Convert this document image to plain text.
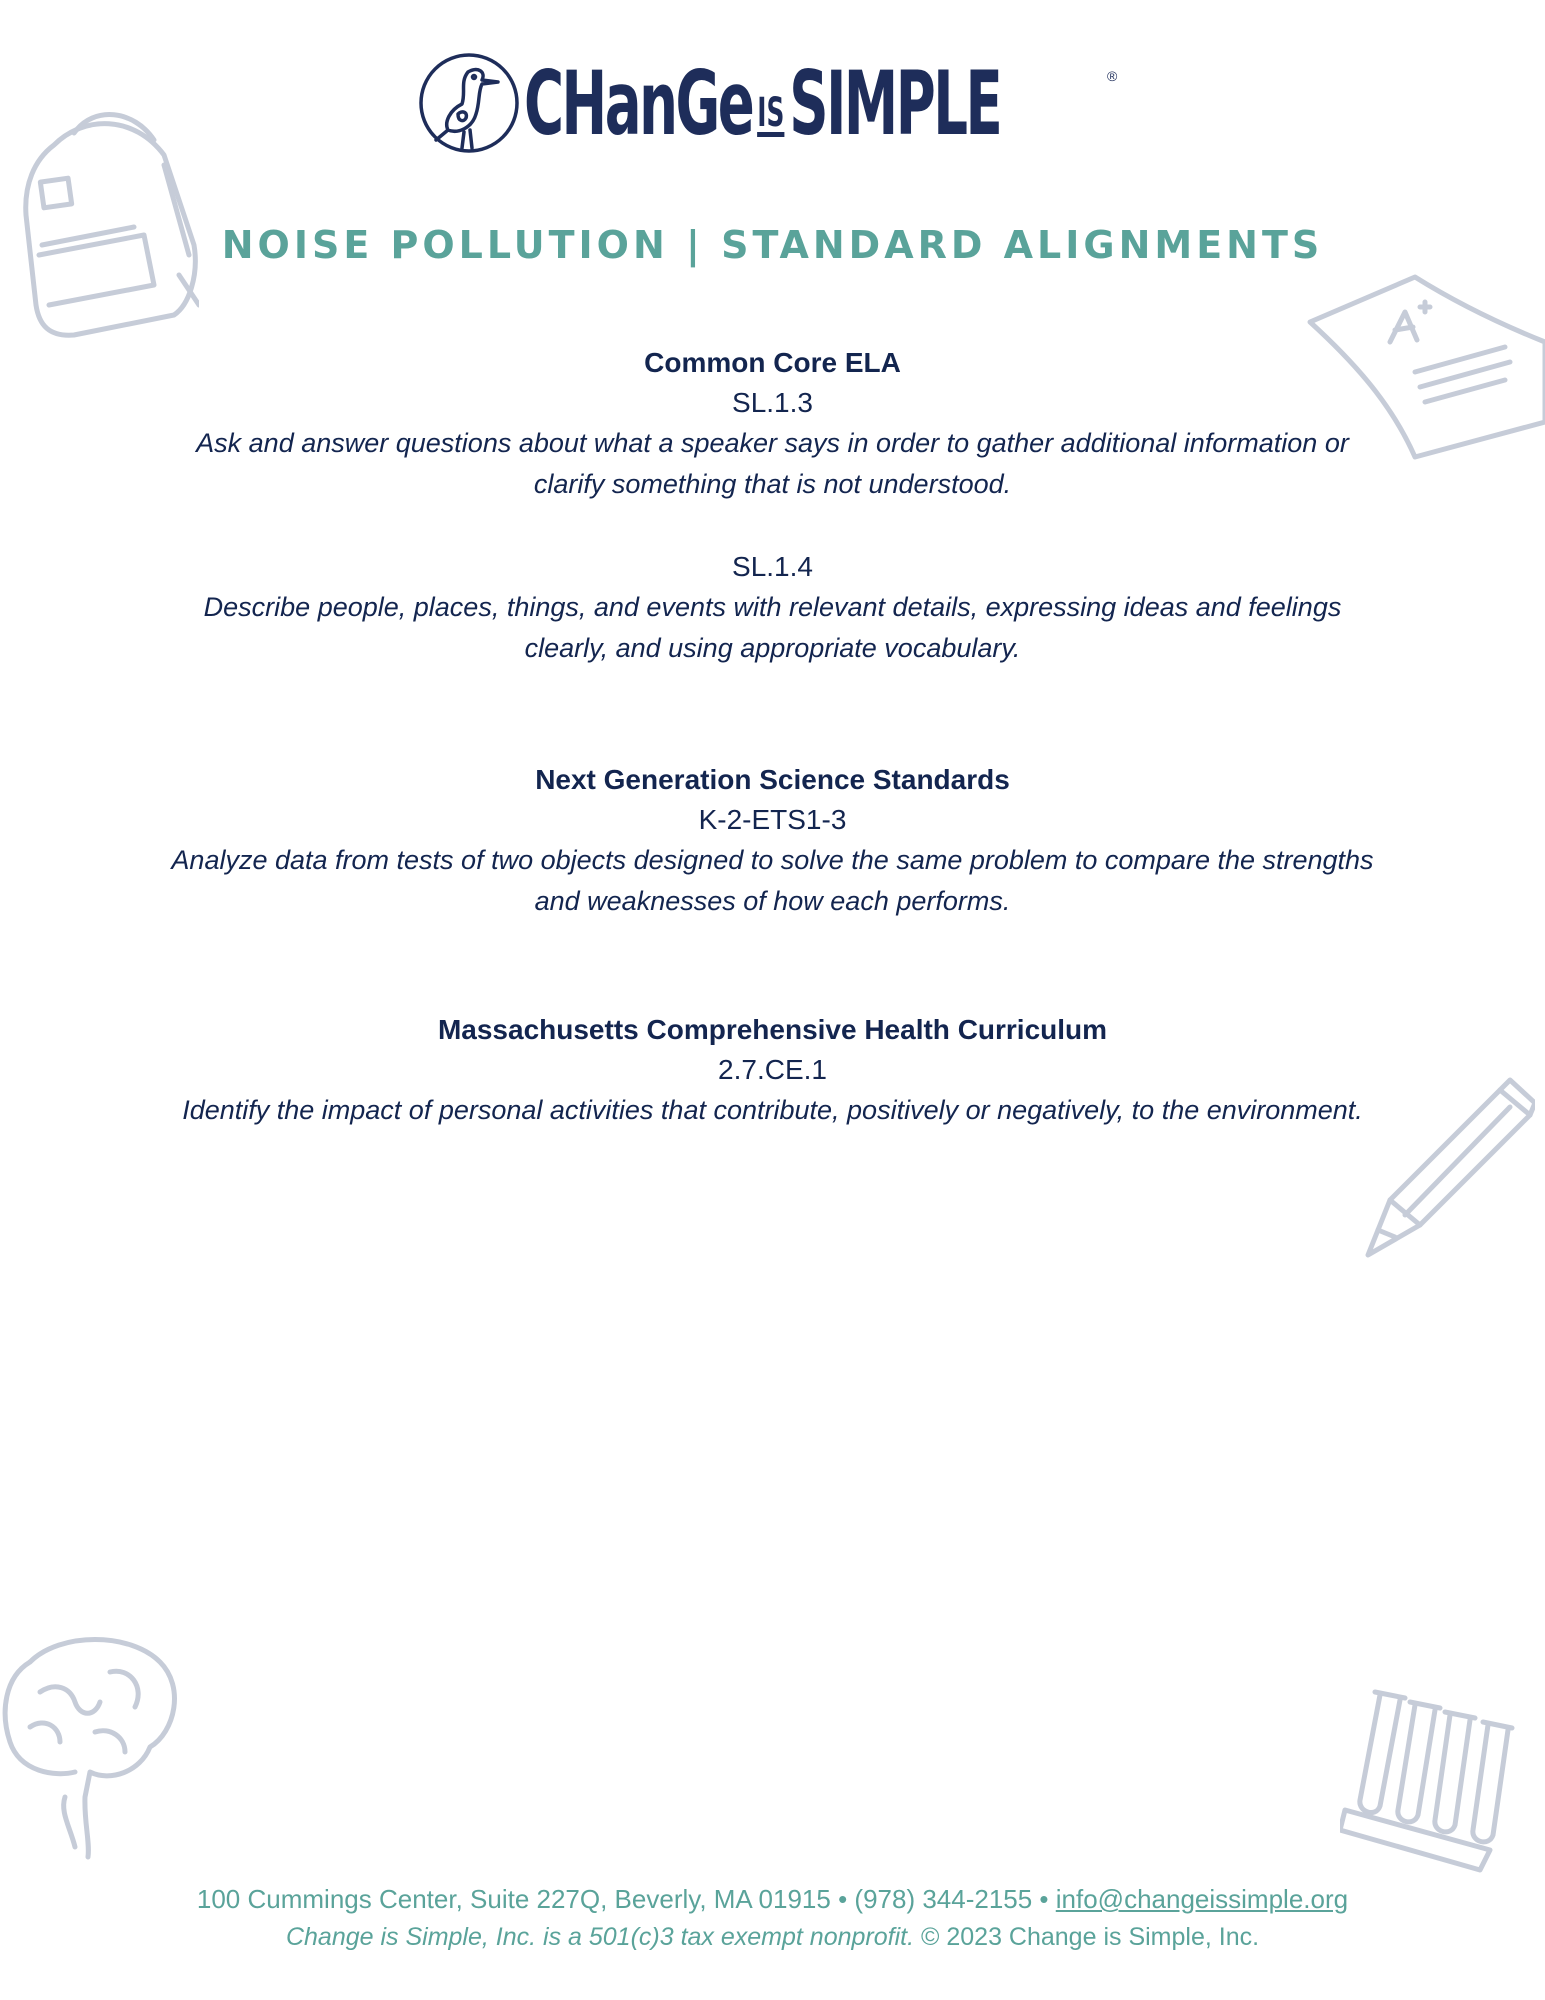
CHanGe ISSIMPLE	®
NOISE POLLUTION | STANDARD ALIGNMENTS
Common Core ELA
SL.1.3
Ask and answer questions about what a speaker says in order to gather additional information or clarify something that is not understood.
SL.1.4
Describe people, places, things, and events with relevant details, expressing ideas and feelings clearly, and using appropriate vocabulary.
Next Generation Science Standards
K-2-ETS1-3
Analyze data from tests of two objects designed to solve the same problem to compare the strengths and weaknesses of how each performs.
Massachusetts Comprehensive Health Curriculum
2.7.CE.1
Identify the impact of personal activities that contribute, positively or negatively, to the environment.
100 Cummings Center, Suite 227Q, Beverly, MA 01915 • (978) 344-2155 • info@changeissimple.org
Change is Simple, Inc. is a 501(c)3 tax exempt nonprofit. © 2023 Change is Simple, Inc.
